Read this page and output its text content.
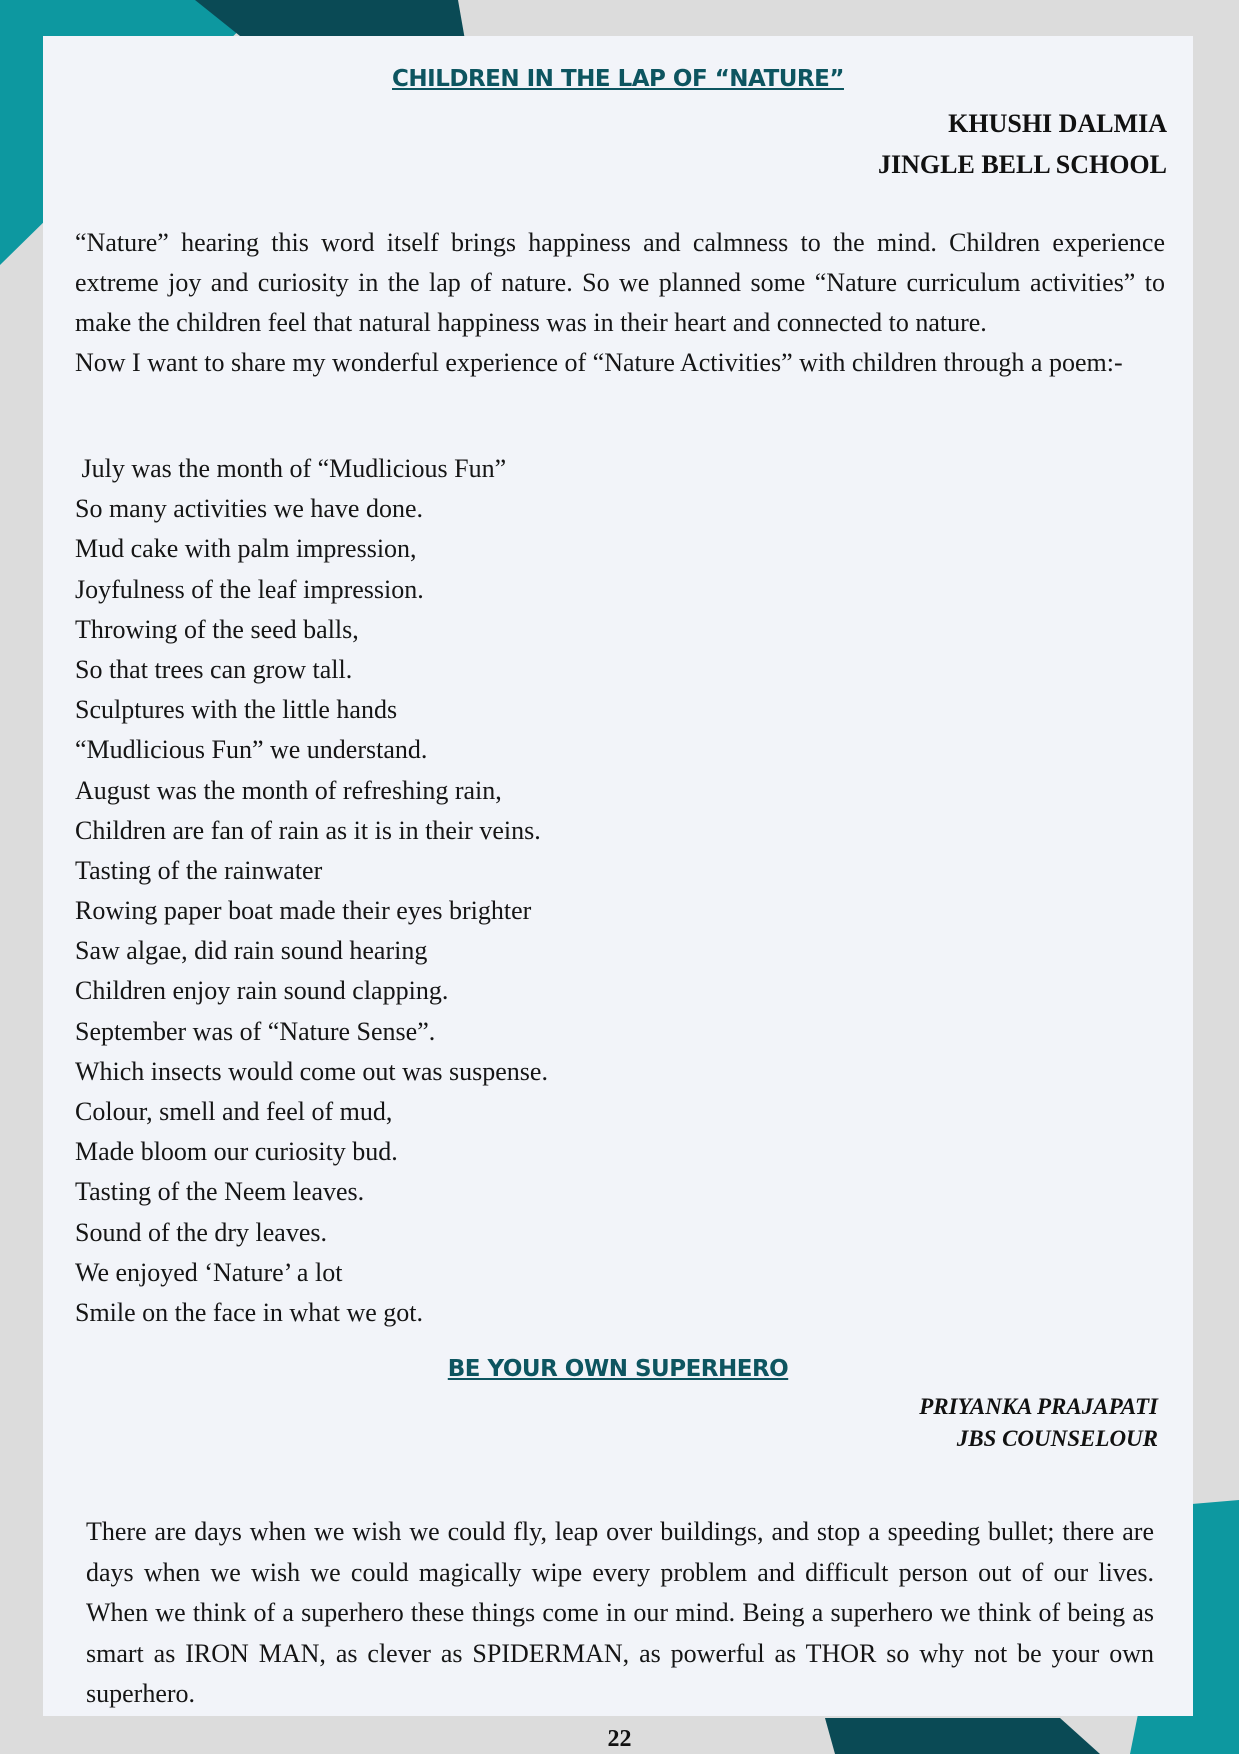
CHILDREN IN THE LAP OF “NATURE”
KHUSHI DALMIA
JINGLE BELL SCHOOL

“Nature” hearing this word itself brings happiness and calmness to the mind. Children experience extreme joy and curiosity in the lap of nature. So we planned some “Nature curriculum activities” to make the children feel that natural happiness was in their heart and connected to nature.

Now I want to share my wonderful experience of “Nature Activities” with children through a poem:-

July was the month of “Mudlicious Fun”
So many activities we have done.
Mud cake with palm impression,
Joyfulness of the leaf impression.
Throwing of the seed balls,
So that trees can grow tall.
Sculptures with the little hands
“Mudlicious Fun” we understand.
August was the month of refreshing rain,
Children are fan of rain as it is in their veins.
Tasting of the rainwater
Rowing paper boat made their eyes brighter
Saw algae, did rain sound hearing
Children enjoy rain sound clapping.
September was of “Nature Sense”.
Which insects would come out was suspense.
Colour, smell and feel of mud,
Made bloom our curiosity bud.
Tasting of the Neem leaves.
Sound of the dry leaves.
We enjoyed ‘Nature’ a lot
Smile on the face in what we got.
BE YOUR OWN SUPERHERO
PRIYANKA PRAJAPATI
JBS COUNSELOUR

There are days when we wish we could fly, leap over buildings, and stop a speeding bullet; there are days when we wish we could magically wipe every problem and difficult person out of our lives. When we think of a superhero these things come in our mind. Being a superhero we think of being as smart as IRON MAN, as clever as SPIDERMAN, as powerful as THOR so why not be your own superhero.

22
